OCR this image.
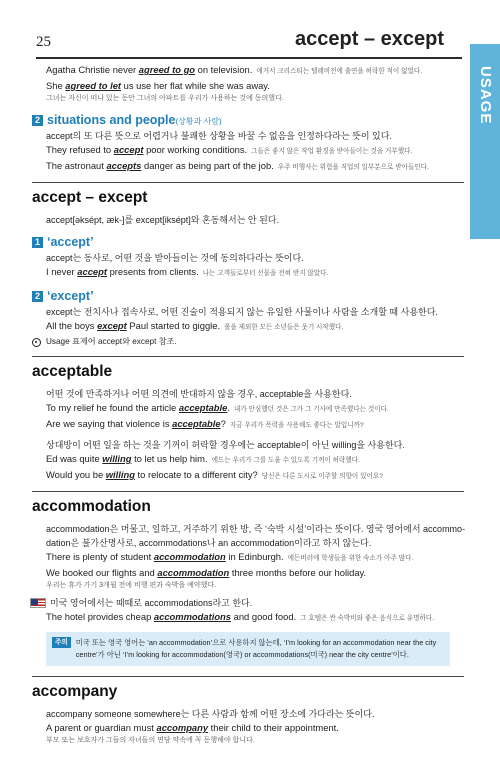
25	accept – except
USAGE
Agatha Christie never agreed to go on television. 애거서 크리스티는 텔레비전에 출연을 허락한 적이 없었다.
She agreed to let us use her flat while she was away.
그녀는 자신이 떠나 있는 동안 그녀의 아파트를 우리가 사용하는 것에 동의했다.
2 situations and people(상황과 사람)
accept의 또 다른 뜻으로 어렵거나 불쾌한 상황을 바꿀 수 없음을 인정하다라는 뜻이 있다.
They refused to accept poor working conditions. 그들은 좋지 않은 작업 환경을 받아들이는 것을 거부했다.
The astronaut accepts danger as being part of the job. 우주 비행사는 위험을 직업의 일부분으로 받아들인다.
accept – except
accept[əksépt, æk-]를 except[iksépt]와 혼동해서는 안 된다.
1 ‘accept’
accept는 동사로, 어떤 것을 받아들이는 것에 동의하다라는 뜻이다.
I never accept presents from clients. 나는 고객들로부터 선물을 전혀 받지 않았다.
2 ‘except’
except는 전치사나 접속사로, 어떤 진술이 적용되지 않는 유일한 사물이나 사람을 소개할 때 사용한다.
All the boys except Paul started to giggle. 폴을 제외한 모든 소년들은 웃기 시작했다.
Usage 표제어 accept와 except 참조.
acceptable
어떤 것에 만족하거나 어떤 의견에 반대하지 않을 경우, acceptable을 사용한다.
To my relief he found the article acceptable. 내가 안심했던 것은 그가 그 기사에 만족했다는 것이다.
Are we saying that violence is acceptable? 지금 우리가 폭력을 사용해도 좋다는 말입니까?
상대방이 어떤 일을 하는 것을 기꺼이 허락할 경우에는 acceptable이 아닌 willing을 사용한다.
Ed was quite willing to let us help him. 에드는 우리가 그를 도울 수 있도록 기꺼이 허락했다.
Would you be willing to relocate to a different city? 당신은 다른 도시로 이주할 의향이 있어요?
accommodation
accommodation은 머물고, 일하고, 거주하기 위한 방, 즉 ‘숙박 시설’이라는 뜻이다. 영국 영어에서 accommo-
dation은 불가산명사로, accommodations나 an accommodation이라고 하지 않는다.
There is plenty of student accommodation in Edinburgh. 에든버러에 학생들을 위한 숙소가 아주 많다.
We booked our flights and accommodation three months before our holiday.
우리는 휴가 가기 3개월 전에 비행 편과 숙박을 예약했다.
미국 영어에서는 때때로 accommodations라고 한다.
The hotel provides cheap accommodations and good food. 그 호텔은 싼 숙박비와 좋은 음식으로 유명하다.
주의	미국 또는 영국 영어는 ‘an accommodation’으로 사용하지 않는데, ‘I’m looking for an accommodation near the city
centre’가 아닌 ‘I’m looking for accommodation(영국) or accommodations(미국) near the city centre’이다.
accompany
accompany someone somewhere는 다른 사람과 함께 어떤 장소에 가다라는 뜻이다.
A parent or guardian must accompany their child to their appointment.
부모 또는 보호자가 그들의 자녀들의 면담 약속에 꼭 동행해야 합니다.
